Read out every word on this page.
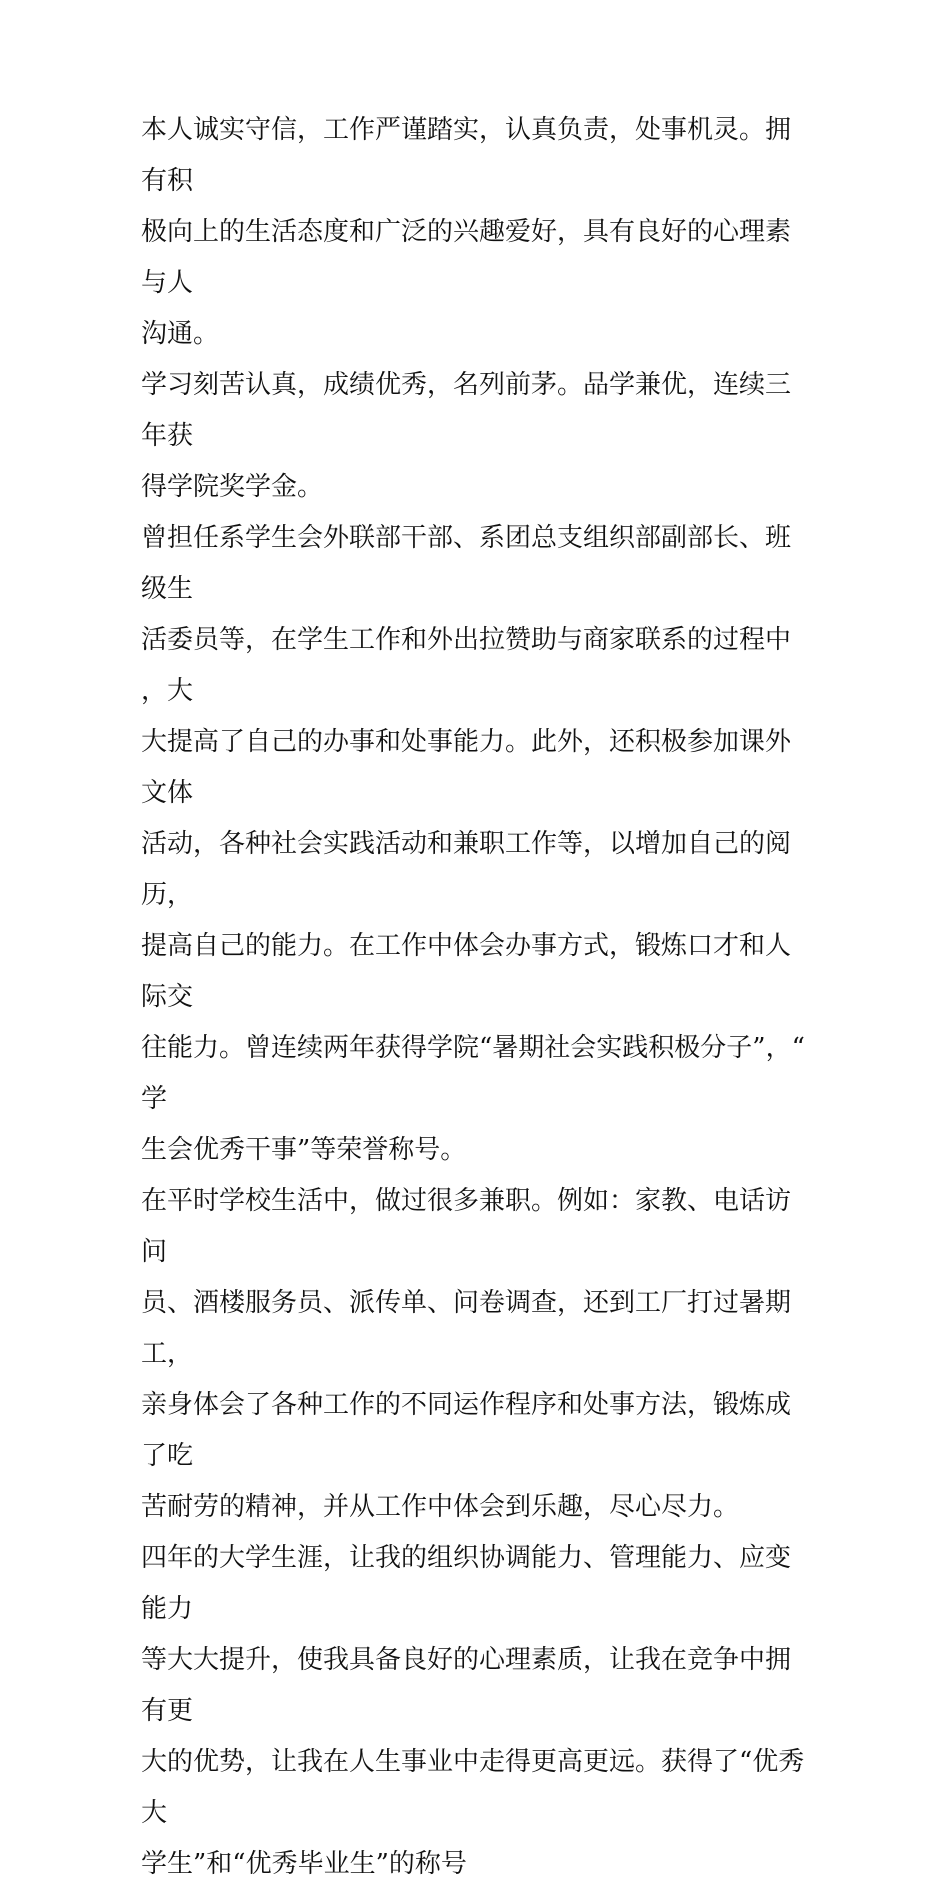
本人诚实守信，工作严谨踏实，认真负责，处事机灵。拥有积
极向上的生活态度和广泛的兴趣爱好，具有良好的心理素与人
沟通。
学习刻苦认真，成绩优秀，名列前茅。品学兼优，连续三年获
得学院奖学金。
曾担任系学生会外联部干部、系团总支组织部副部长、班级生
活委员等，在学生工作和外出拉赞助与商家联系的过程中，大
大提高了自己的办事和处事能力。此外，还积极参加课外文体
活动，各种社会实践活动和兼职工作等，以增加自己的阅历，
提高自己的能力。在工作中体会办事方式，锻炼口才和人际交
往能力。曾连续两年获得学院“暑期社会实践积极分子”，“学
生会优秀干事”等荣誉称号。
在平时学校生活中，做过很多兼职。例如：家教、电话访问
员、酒楼服务员、派传单、问卷调查，还到工厂打过暑期工，
亲身体会了各种工作的不同运作程序和处事方法，锻炼成了吃
苦耐劳的精神，并从工作中体会到乐趣，尽心尽力。
四年的大学生涯，让我的组织协调能力、管理能力、应变能力
等大大提升，使我具备良好的心理素质，让我在竞争中拥有更
大的优势，让我在人生事业中走得更高更远。获得了“优秀大
学生”和“优秀毕业生”的称号
